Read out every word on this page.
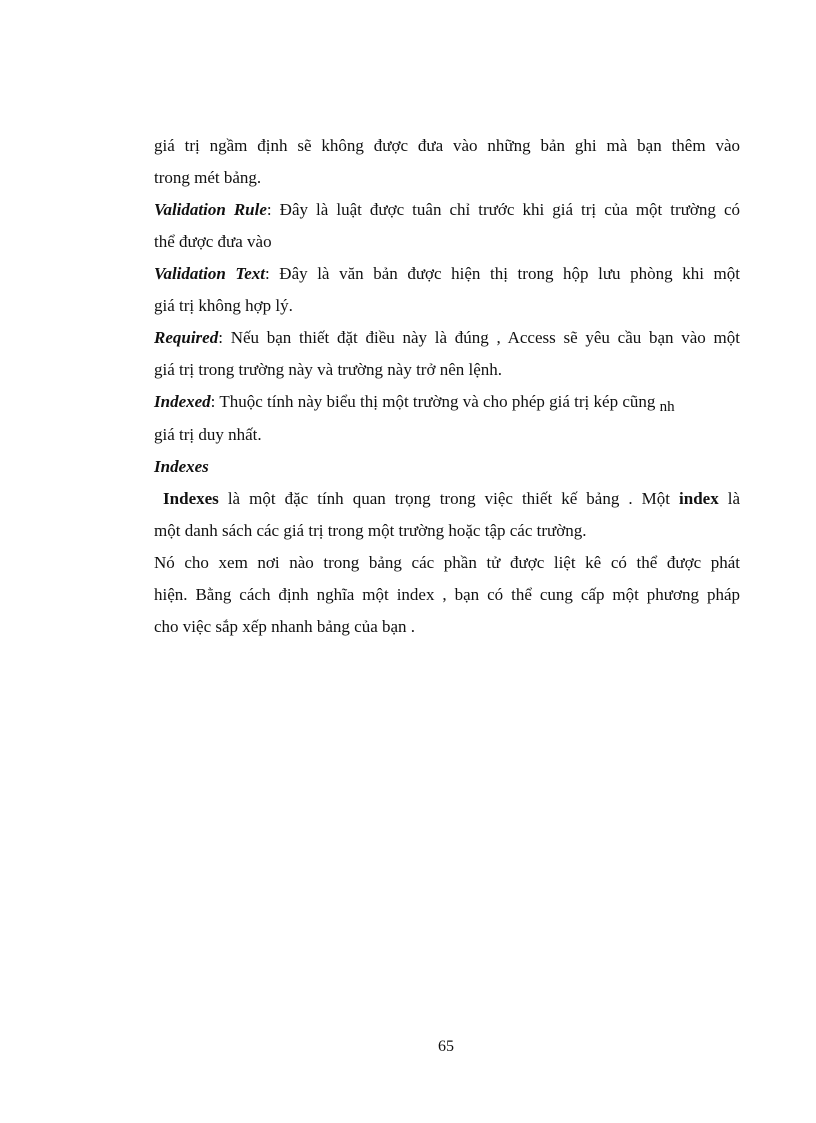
giá trị ngầm định sẽ không được đưa vào những bản ghi mà bạn thêm vào
trong mét bảng.
Validation Rule: Đây là luật được tuân chỉ trước khi giá trị của một trường có
thể được đưa vào
Validation Text: Đây là văn bản được hiện thị trong hộp lưu phòng khi một
giá trị không hợp lý.
Required: Nếu bạn thiết đặt điều này là đúng , Access sẽ yêu cầu bạn vào một
giá trị trong trường này và trường này trở nên lệnh.
Indexed: Thuộc tính này biểu thị một trường và cho phép giá trị kép cũng nh
giá trị duy nhất.
Indexes
Indexes là một đặc tính quan trọng trong việc thiết kế bảng . Một index là
một danh sách các giá trị trong một trường hoặc tập các trường.
Nó cho xem nơi nào trong bảng các phần tử được liệt kê có thể được phát
hiện. Bằng cách định nghĩa một index , bạn có thể cung cấp một phương pháp
cho việc sắp xếp nhanh bảng của bạn .
65
